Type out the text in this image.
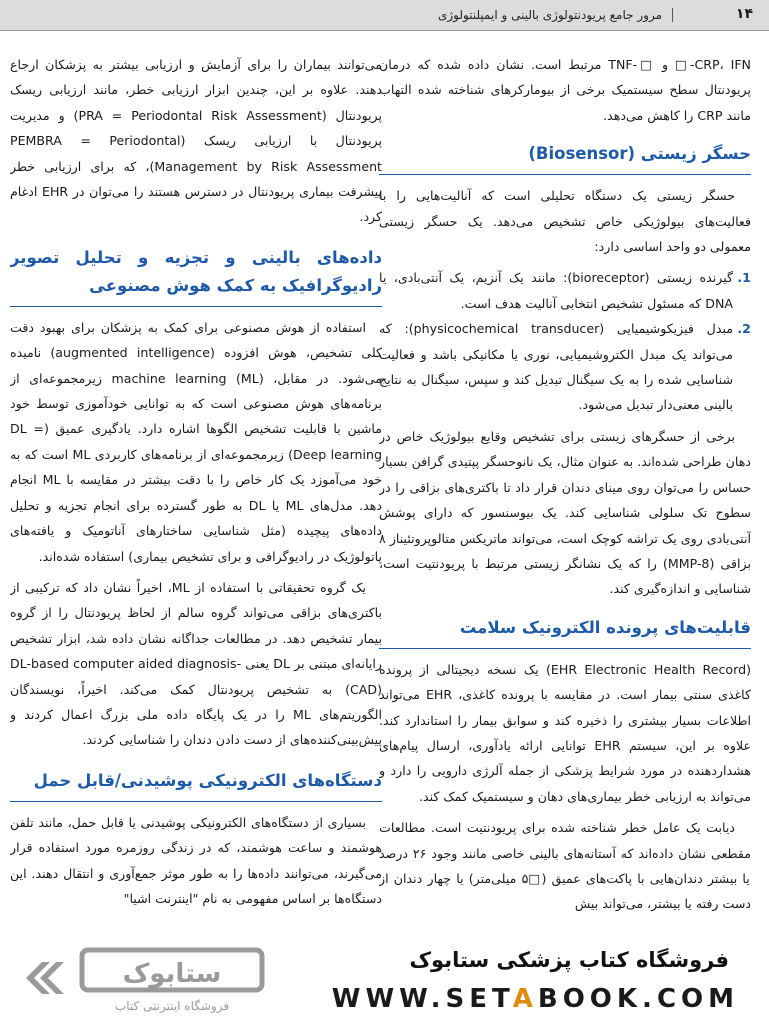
۱۴
مرور جامع پریودنتولوژی بالینی و ایمپلنتولوژی

CRP، IFN-□ و □-TNF مرتبط است. نشان داده شده که درمان پریودنتال سطح سیستمیک برخی از بیومارکرهای شناخته شده التهاب مانند CRP را کاهش می‌دهد.

حسگر زیستی (Biosensor)

حسگر زیستی یک دستگاه تحلیلی است که آنالیت‌هایی را با فعالیت‌های بیولوژیکی خاص تشخیص می‌دهد. یک حسگر زیستی معمولی دو واحد اساسی دارد:

1. گیرنده زیستی (bioreceptor): مانند یک آنزیم، یک آنتی‌بادی، یا DNA که مسئول تشخیص انتخابی آنالیت هدف است.
2. مبدل فیزیکوشیمیایی (physicochemical transducer): که می‌تواند یک مبدل الکتروشیمیایی، نوری یا مکانیکی باشد و فعالیت شناسایی شده را به یک سیگنال تبدیل کند و سپس، سیگنال به نتایج بالینی معنی‌دار تبدیل می‌شود.

برخی از حسگرهای زیستی برای تشخیص وقایع بیولوژیک خاص در دهان طراحی شده‌اند. به عنوان مثال، یک نانوحسگر پپتیدی گرافن بسیار حساس را می‌توان روی مینای دندان قرار داد تا باکتری‌های بزاقی را در سطوح تک سلولی شناسایی کند. یک بیوسنسور که دارای پوشش آنتی‌بادی روی یک تراشه کوچک است، می‌تواند ماتریکس متالوپروتئیناز ۸ بزاقی (MMP-8) را که یک نشانگر زیستی مرتبط با پریودنتیت است، شناسایی و اندازه‌گیری کند.

قابلیت‌های پرونده الکترونیک سلامت

(EHR Electronic Health Record) یک نسخه دیجیتالی از پرونده کاغذی سنتی بیمار است. در مقایسه با پرونده کاغذی، EHR می‌تواند اطلاعات بسیار بیشتری را ذخیره کند و سوابق بیمار را استاندارد کند. علاوه بر این، سیستم EHR توانایی ارائه یادآوری، ارسال پیام‌های هشداردهنده در مورد شرایط پزشکی از جمله آلرژی دارویی را دارد و می‌تواند به ارزیابی خطر بیماری‌های دهان و سیستمیک کمک کند.

دیابت یک عامل خطر شناخته شده برای پریودنتیت است. مطالعات مقطعی نشان داده‌اند که آستانه‌های بالینی خاصی مانند وجود ۲۶ درصد یا بیشتر دندان‌هایی با پاکت‌های عمیق (□۵ میلی‌متر) یا چهار دندان از دست رفته یا بیشتر، می‌تواند بیش

می‌توانند بیماران را برای آزمایش و ارزیابی بیشتر به پزشکان ارجاع دهند. علاوه بر این، چندین ابزار ارزیابی خطر، مانند ارزیابی ریسک پریودنتال (PRA = Periodontal Risk Assessment) و مدیریت پریودنتال با ارزیابی ریسک (PEMBRA = Periodontal Management by Risk Assessment)، که برای ارزیابی خطر پیشرفت بیماری پریودنتال در دسترس هستند را می‌توان در EHR ادغام کرد.

داده‌های بالینی و تجزیه و تحلیل تصویر رادیوگرافیک به کمک هوش مصنوعی

استفاده از هوش مصنوعی برای کمک به پزشکان برای بهبود دقت کلی تشخیص، هوش افزوده (augmented intelligence) نامیده می‌شود. در مقابل، machine learning (ML) زیرمجموعه‌ای از برنامه‌های هوش مصنوعی است که به توانایی خودآموزی توسط خود ماشین با قابلیت تشخیص الگوها اشاره دارد. یادگیری عمیق (DL = Deep learning) زیرمجموعه‌ای از برنامه‌های کاربردی ML است که به خود می‌آموزد یک کار خاص را با دقت بیشتر در مقایسه با ML انجام دهد. مدل‌های ML یا DL به طور گسترده برای انجام تجزیه و تحلیل داده‌های پیچیده (مثل شناسایی ساختارهای آناتومیک و یافته‌های پاتولوژیک در رادیوگرافی و برای تشخیص بیماری) استفاده شده‌اند.

یک گروه تحقیقاتی با استفاده از ML، اخیراً نشان داد که ترکیبی از باکتری‌های بزاقی می‌تواند گروه سالم از لحاظ پریودنتال را از گروه بیمار تشخیص دهد. در مطالعات جداگانه نشان داده شد، ابزار تشخیص رایانه‌ای مبتنی بر DL یعنی -DL-based computer aided diagnosis (CAD) به تشخیص پریودنتال کمک می‌کند. اخیراً، نویسندگان الگوریتم‌های ML را در یک پایگاه داده ملی بزرگ اعمال کردند و پیش‌بینی‌کننده‌های از دست دادن دندان را شناسایی کردند.

دستگاه‌های الکترونیکی پوشیدنی/قابل حمل

بسیاری از دستگاه‌های الکترونیکی پوشیدنی یا قابل حمل، مانند تلفن هوشمند و ساعت هوشمند، که در زندگی روزمره مورد استفاده قرار می‌گیرند، می‌توانند داده‌ها را به طور موثر جمع‌آوری و انتقال دهند. این دستگاه‌ها بر اساس مفهومی به نام "اینترنت اشیا"

ستابوک
فروشگاه اینترنتی کتاب
فروشگاه کتاب پزشکی ستابوک
WWW.SETABOOK.COM
